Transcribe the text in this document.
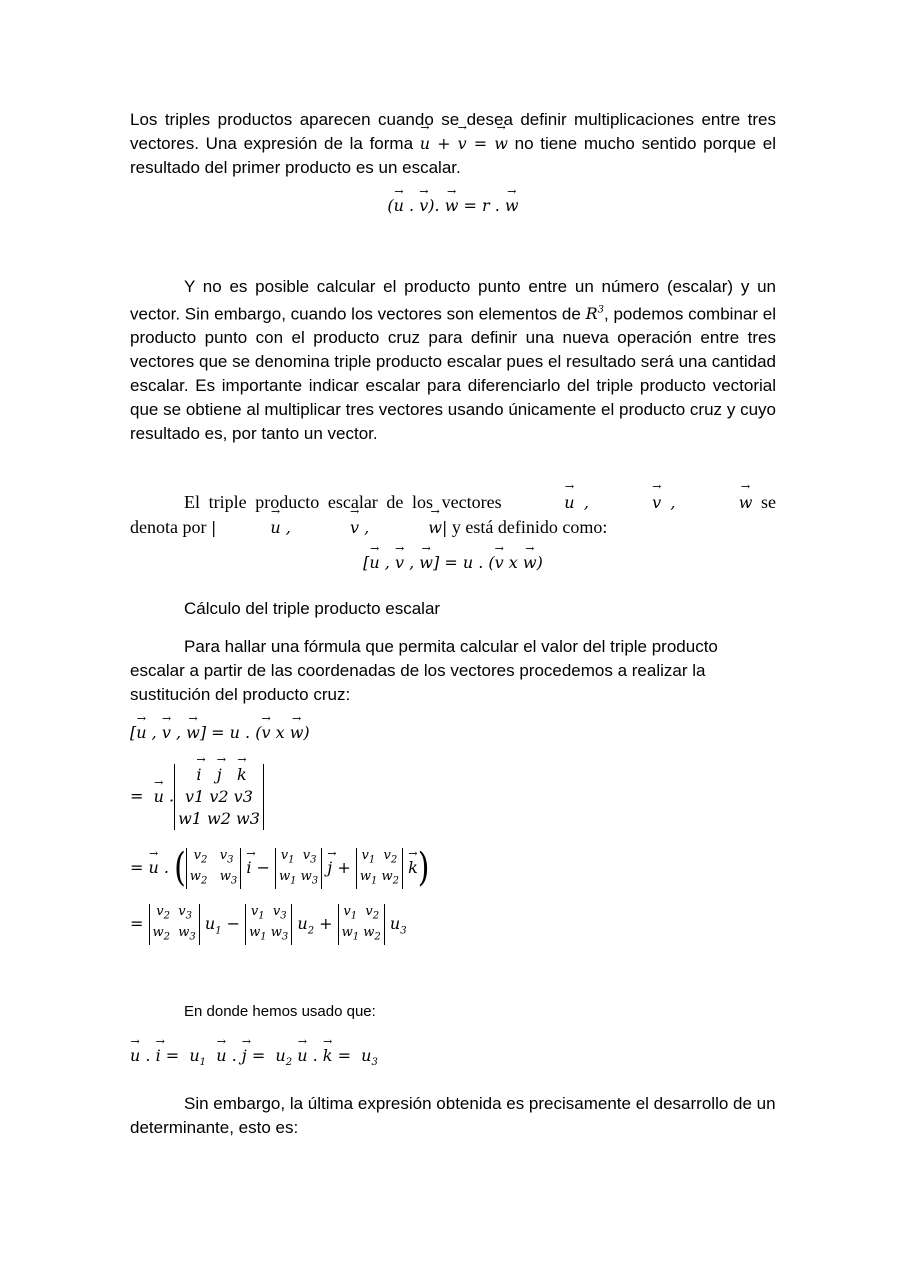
Los triples productos aparecen cuando se desea definir multiplicaciones entre tres vectores. Una expresión de la forma → u + → v = → w no tiene mucho sentido porque el resultado del primer producto es un escalar.

(→ u . → v). → w = r . → w

Y no es posible calcular el producto punto entre un número (escalar) y un vector. Sin embargo, cuando los vectores son elementos de $R^3$, podemos combinar el producto punto con el producto cruz para definir una nueva operación entre tres vectores que se denomina triple producto escalar pues el resultado será una cantidad escalar. Es importante indicar escalar para diferenciarlo del triple producto vectorial que se obtiene al multiplicar tres vectores usando únicamente el producto cruz y cuyo resultado es, por tanto un vector.

El triple producto escalar de los vectores	→ u ,	→ v ,	→ w se denota por |	→ u ,	→ v ,	→ w| y está definido como:

[→ u , → v , → w] = u . (→ v x → w)
Cálculo del triple producto escalar

Para hallar una fórmula que permita calcular el valor del triple producto escalar a partir de las coordenadas de los vectores procedemos a realizar la sustitución del producto cruz:

[→ u , → v , → w] = u . (→ v x → w)
=  → u .
→ i → j → k
v1 v2 v3
w1 w2 w3
= → u . ( $v_2$   $v_3$
$w_2$   $w_3$
→ i −
$v_1$  $v_3$
$w_1$ $w_3$
→ j +
$v_1$  $v_2$
$w_1$ $w_2$
→ k)
=
$v_2$  $v_3$
$w_2$  $w_3$
$u_1$ −
$v_1$  $v_3$
$w_1$ $w_3$
$u_2$ +
$v_1$  $v_2$
$w_1$ $w_2$
$u_3$
En donde hemos usado que:
→ u . → $i = u_1 \to u$ . → $j = u_2 \to u$ . → $k = u_3$

Sin embargo, la última expresión obtenida es precisamente el desarrollo de un determinante, esto es:
